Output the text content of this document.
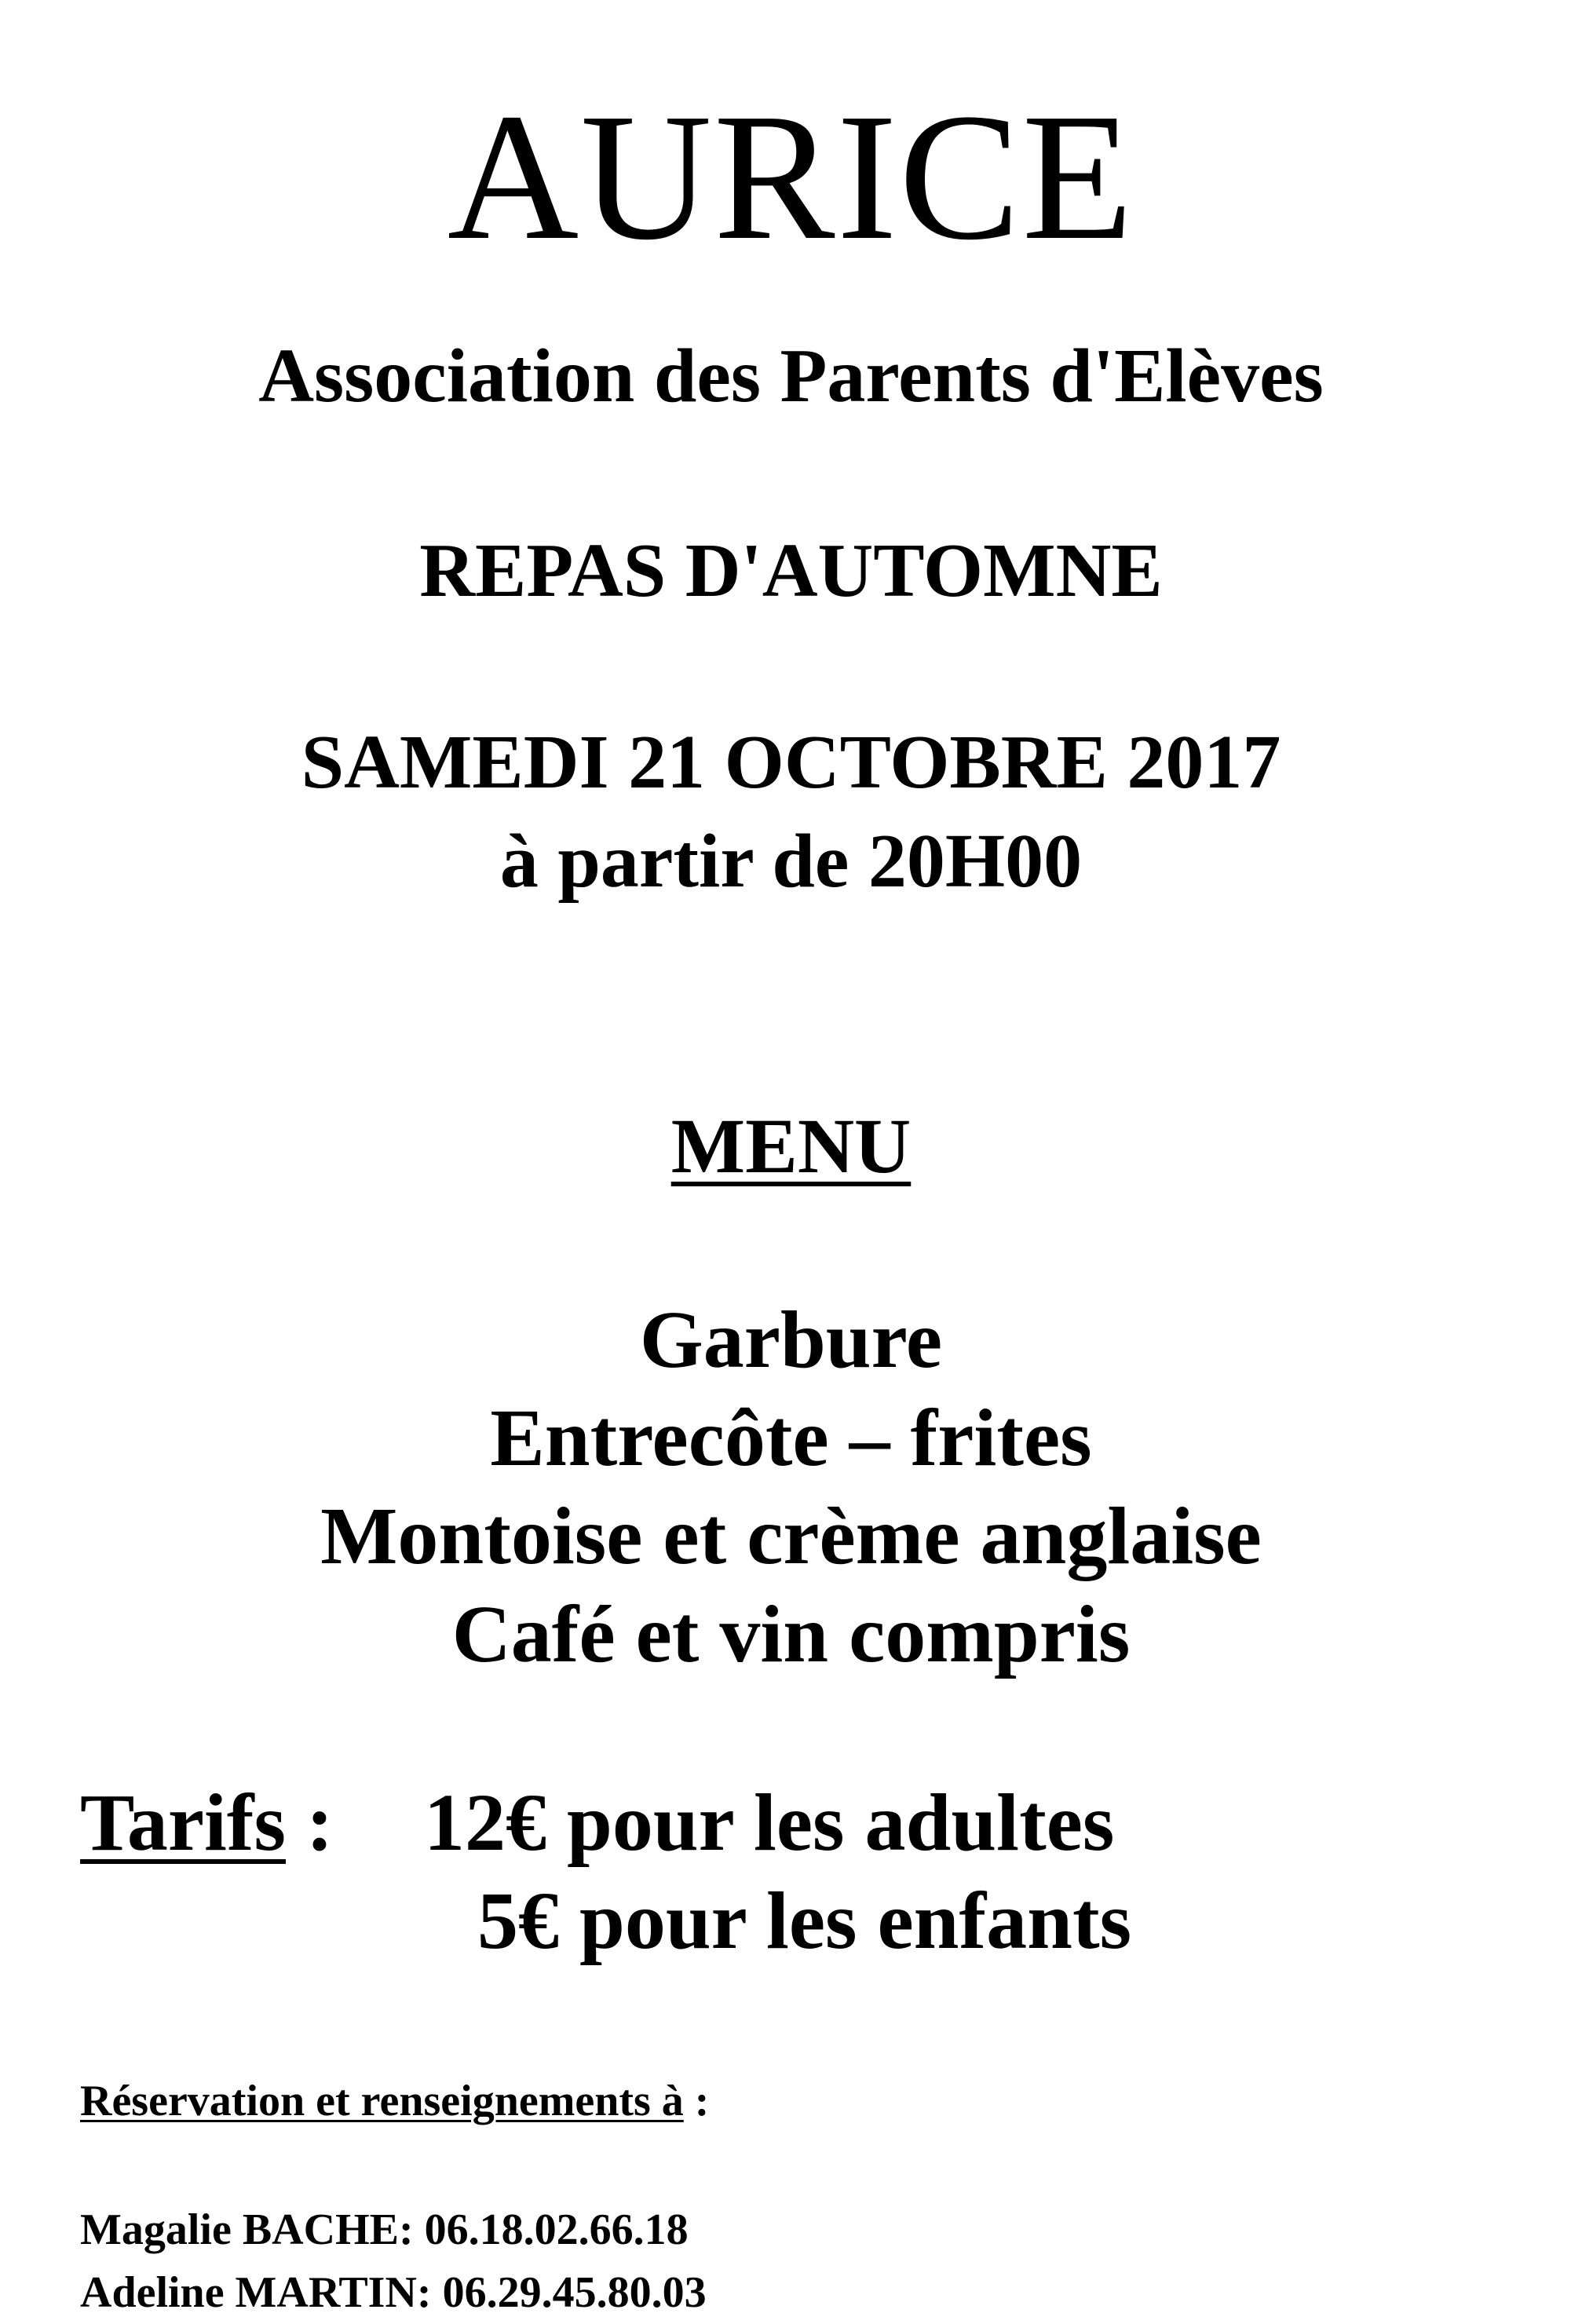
AURICE
Association des Parents d'Elèves
REPAS D'AUTOMNE
SAMEDI 21 OCTOBRE 2017
à partir de 20H00
MENU
Garbure
Entrecôte – frites
Montoise et crème anglaise
Café et vin compris
Tarifs : 12€ pour les adultes
5€ pour les enfants
Réservation et renseignements à :
Magalie BACHE: 06.18.02.66.18
Adeline MARTIN: 06.29.45.80.03
